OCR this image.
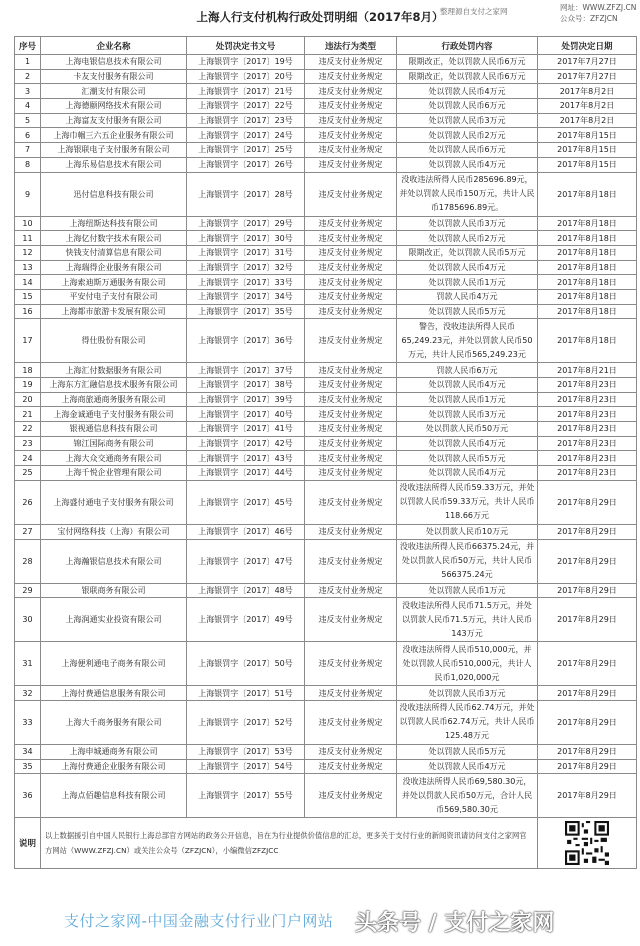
上海人行支付机构行政处罚明细（2017年8月）
整理源自支付之家网	网址：WWW.ZFZJ.CN
公众号：ZFZJCN
序号	企业名称	处罚决定书文号	违法行为类型	行政处罚内容	处罚决定日期
1	上海电银信息技术有限公司	上海银罚字〔2017〕19号	违反支付业务规定	限期改正，处以罚款人民币6万元	2017年7月27日
2	卡友支付服务有限公司	上海银罚字〔2017〕20号	违反支付业务规定	限期改正，处以罚款人民币6万元	2017年7月27日
3	汇潮支付有限公司	上海银罚字〔2017〕21号	违反支付业务规定	处以罚款人民币4万元	2017年8月2日
4	上海德颐网络技术有限公司	上海银罚字〔2017〕22号	违反支付业务规定	处以罚款人民币6万元	2017年8月2日
5	上海富友支付服务有限公司	上海银罚字〔2017〕23号	违反支付业务规定	处以罚款人民币3万元	2017年8月2日
6	上海巾帼三六五企业服务有限公司	上海银罚字〔2017〕24号	违反支付业务规定	处以罚款人民币2万元	2017年8月15日
7	上海银联电子支付服务有限公司	上海银罚字〔2017〕25号	违反支付业务规定	处以罚款人民币6万元	2017年8月15日
8	上海乐易信息技术有限公司	上海银罚字〔2017〕26号	违反支付业务规定	处以罚款人民币4万元	2017年8月15日
9	迅付信息科技有限公司	上海银罚字〔2017〕28号	违反支付业务规定	没收违法所得人民币285696.89元，并处以罚款人民币150万元，共计人民币1785696.89元。	2017年8月18日
10	上海纽斯达科技有限公司	上海银罚字〔2017〕29号	违反支付业务规定	处以罚款人民币3万元	2017年8月18日
11	上海亿付数字技术有限公司	上海银罚字〔2017〕30号	违反支付业务规定	处以罚款人民币2万元	2017年8月18日
12	快钱支付清算信息有限公司	上海银罚字〔2017〕31号	违反支付业务规定	限期改正，处以罚款人民币5万元	2017年8月18日
13	上海瑞得企业服务有限公司	上海银罚字〔2017〕32号	违反支付业务规定	处以罚款人民币4万元	2017年8月18日
14	上海索迪斯万通服务有限公司	上海银罚字〔2017〕33号	违反支付业务规定	处以罚款人民币1万元	2017年8月18日
15	平安付电子支付有限公司	上海银罚字〔2017〕34号	违反支付业务规定	罚款人民币4万元	2017年8月18日
16	上海都市旅游卡发展有限公司	上海银罚字〔2017〕35号	违反支付业务规定	处以罚款人民币5万元	2017年8月18日
17	得仕股份有限公司	上海银罚字〔2017〕36号	违反支付业务规定	警告，没收违法所得人民币65,249.23元，并处以罚款人民币50万元，共计人民币565,249.23元	2017年8月18日
18	上海汇付数据服务有限公司	上海银罚字〔2017〕37号	违反支付业务规定	罚款人民币6万元	2017年8月21日
19	上海东方汇融信息技术服务有限公司	上海银罚字〔2017〕38号	违反支付业务规定	处以罚款人民币4万元	2017年8月23日
20	上海商旅通商务服务有限公司	上海银罚字〔2017〕39号	违反支付业务规定	处以罚款人民币1万元	2017年8月23日
21	上海金诚通电子支付服务有限公司	上海银罚字〔2017〕40号	违反支付业务规定	处以罚款人民币3万元	2017年8月23日
22	银视通信息科技有限公司	上海银罚字〔2017〕41号	违反支付业务规定	处以罚款人民币50万元	2017年8月23日
23	锦江国际商务有限公司	上海银罚字〔2017〕42号	违反支付业务规定	处以罚款人民币4万元	2017年8月23日
24	上海大众交通商务有限公司	上海银罚字〔2017〕43号	违反支付业务规定	处以罚款人民币5万元	2017年8月23日
25	上海千悦企业管理有限公司	上海银罚字〔2017〕44号	违反支付业务规定	处以罚款人民币4万元	2017年8月23日
26	上海盛付通电子支付服务有限公司	上海银罚字〔2017〕45号	违反支付业务规定	没收违法所得人民币59.33万元，并处以罚款人民币59.33万元，共计人民币118.66万元	2017年8月29日
27	宝付网络科技（上海）有限公司	上海银罚字〔2017〕46号	违反支付业务规定	处以罚款人民币10万元	2017年8月29日
28	上海瀚银信息技术有限公司	上海银罚字〔2017〕47号	违反支付业务规定	没收违法所得人民币66375.24元，并处以罚款人民币50万元，共计人民币566375.24元	2017年8月29日
29	银联商务有限公司	上海银罚字〔2017〕48号	违反支付业务规定	处以罚款人民币1万元	2017年8月29日
30	上海润通实业投资有限公司	上海银罚字〔2017〕49号	违反支付业务规定	没收违法所得人民币71.5万元，并处以罚款人民币71.5万元，共计人民币143万元	2017年8月29日
31	上海便利通电子商务有限公司	上海银罚字〔2017〕50号	违反支付业务规定	没收违法所得人民币510,000元，并处以罚款人民币510,000元，共计人民币1,020,000元	2017年8月29日
32	上海付费通信息服务有限公司	上海银罚字〔2017〕51号	违反支付业务规定	处以罚款人民币3万元	2017年8月29日
33	上海大千商务服务有限公司	上海银罚字〔2017〕52号	违反支付业务规定	没收违法所得人民币62.74万元，并处以罚款人民币62.74万元，共计人民币125.48万元	2017年8月29日
34	上海申城通商务有限公司	上海银罚字〔2017〕53号	违反支付业务规定	处以罚款人民币5万元	2017年8月29日
35	上海付费通企业服务有限公司	上海银罚字〔2017〕54号	违反支付业务规定	处以罚款人民币4万元	2017年8月29日
36	上海点佰趣信息科技有限公司	上海银罚字〔2017〕55号	违反支付业务规定	没收违法所得人民币69,580.30元，并处以罚款人民币50万元，合计人民币569,580.30元	2017年8月29日
说明	以上数据援引自中国人民银行上海总部官方网站的政务公开信息，旨在为行业提供价值信息的汇总，更多关于支付行业的新闻资讯请访问支付之家网官方网站（WWW.ZFZJ.CN）或关注公众号（ZFZJCN），小编微信ZFZJCC	
支付之家网-中国金融支付行业门户网站 头条号 / 支付之家网
